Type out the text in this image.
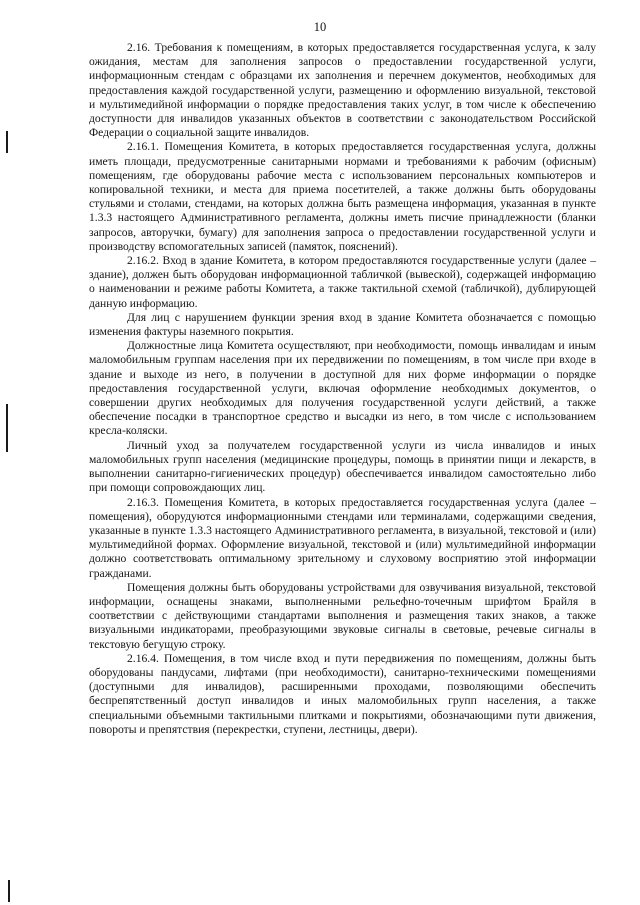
10

2.16. Требования к помещениям, в которых предоставляется государственная услуга, к залу ожидания, местам для заполнения запросов о предоставлении государственной услуги, информационным стендам с образцами их заполнения и перечнем документов, необходимых для предоставления каждой государственной услуги, размещению и оформлению визуальной, текстовой и мультимедийной информации о порядке предоставления таких услуг, в том числе к обеспечению доступности для инвалидов указанных объектов в соответствии с законодательством Российской Федерации о социальной защите инвалидов.

2.16.1. Помещения Комитета, в которых предоставляется государственная услуга, должны иметь площади, предусмотренные санитарными нормами и требованиями к рабочим (офисным) помещениям, где оборудованы рабочие места с использованием персональных компьютеров и копировальной техники, и места для приема посетителей, а также должны быть оборудованы стульями и столами, стендами, на которых должна быть размещена информация, указанная в пункте 1.3.3 настоящего Административного регламента, должны иметь писчие принадлежности (бланки запросов, авторучки, бумагу) для заполнения запроса о предоставлении государственной услуги и производству вспомогательных записей (памяток, пояснений).

2.16.2. Вход в здание Комитета, в котором предоставляются государственные услуги (далее – здание), должен быть оборудован информационной табличкой (вывеской), содержащей информацию о наименовании и режиме работы Комитета, а также тактильной схемой (табличкой), дублирующей данную информацию.

Для лиц с нарушением функции зрения вход в здание Комитета обозначается с помощью изменения фактуры наземного покрытия.

Должностные лица Комитета осуществляют, при необходимости, помощь инвалидам и иным маломобильным группам населения при их передвижении по помещениям, в том числе при входе в здание и выходе из него, в получении в доступной для них форме информации о порядке предоставления государственной услуги, включая оформление необходимых документов, о совершении других необходимых для получения государственной услуги действий, а также обеспечение посадки в транспортное средство и высадки из него, в том числе с использованием кресла-коляски.

Личный уход за получателем государственной услуги из числа инвалидов и иных маломобильных групп населения (медицинские процедуры, помощь в принятии пищи и лекарств, в выполнении санитарно-гигиенических процедур) обеспечивается инвалидом самостоятельно либо при помощи сопровождающих лиц.

2.16.3. Помещения Комитета, в которых предоставляется государственная услуга (далее – помещения), оборудуются информационными стендами или терминалами, содержащими сведения, указанные в пункте 1.3.3 настоящего Административного регламента, в визуальной, текстовой и (или) мультимедийной формах. Оформление визуальной, текстовой и (или) мультимедийной информации должно соответствовать оптимальному зрительному и слуховому восприятию этой информации гражданами.

Помещения должны быть оборудованы устройствами для озвучивания визуальной, текстовой информации, оснащены знаками, выполненными рельефно-точечным шрифтом Брайля в соответствии с действующими стандартами выполнения и размещения таких знаков, а также визуальными индикаторами, преобразующими звуковые сигналы в световые, речевые сигналы в текстовую бегущую строку.

2.16.4. Помещения, в том числе вход и пути передвижения по помещениям, должны быть оборудованы пандусами, лифтами (при необходимости), санитарно-техническими помещениями (доступными для инвалидов), расширенными проходами, позволяющими обеспечить беспрепятственный доступ инвалидов и иных маломобильных групп населения, а также специальными объемными тактильными плитками и покрытиями, обозначающими пути движения, повороты и препятствия (перекрестки, ступени, лестницы, двери).
